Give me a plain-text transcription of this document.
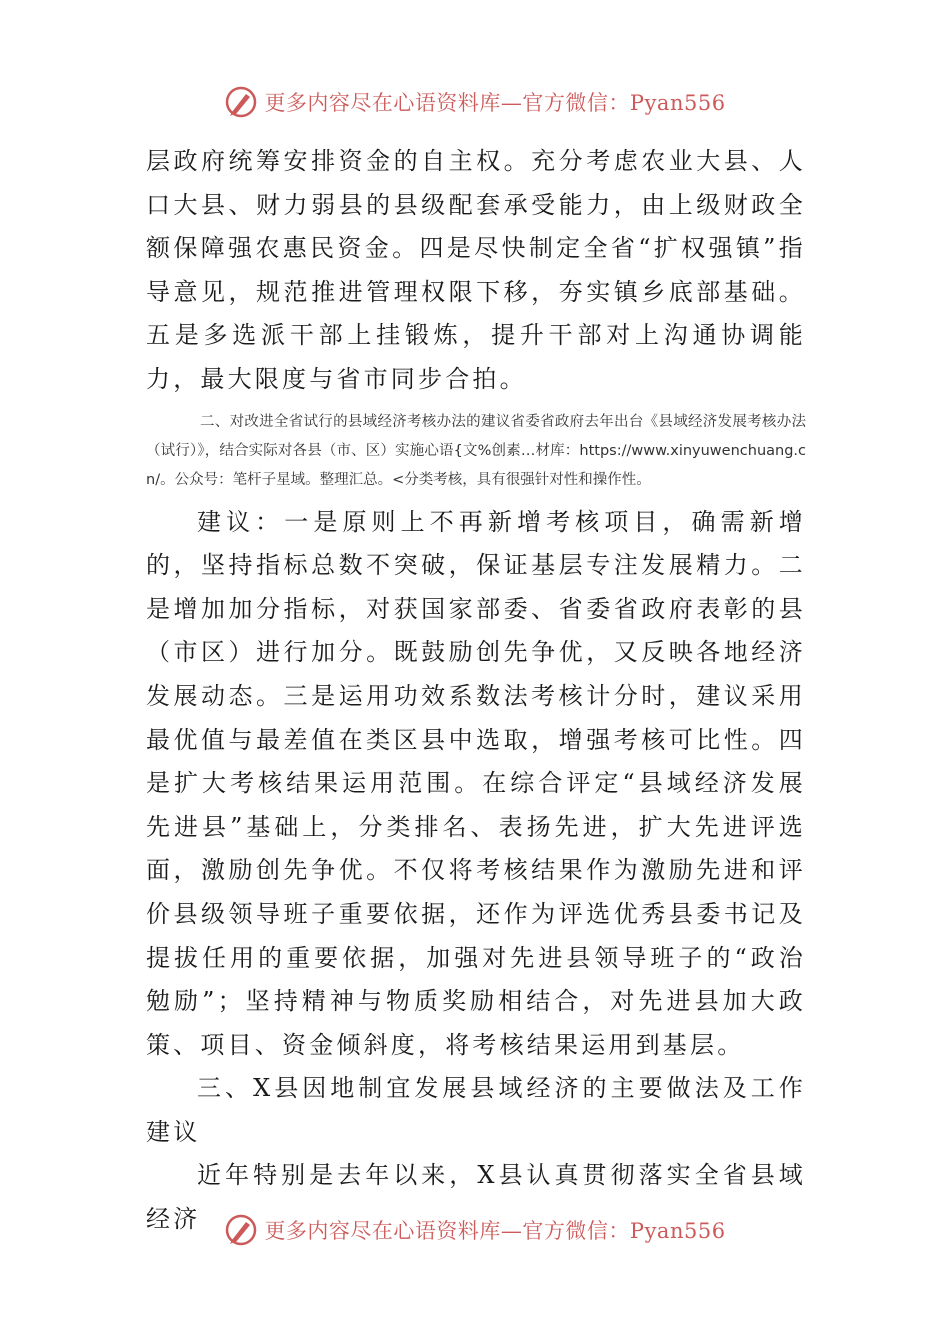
更多内容尽在心语资料库—官方微信：Pyan556

层政府统筹安排资金的自主权。充分考虑农业大县、人口大县、财力弱县的县级配套承受能力，由上级财政全额保障强农惠民资金。四是尽快制定全省“扩权强镇”指导意见，规范推进管理权限下移，夯实镇乡底部基础。五是多选派干部上挂锻炼，提升干部对上沟通协调能力，最大限度与省市同步合拍。

二、对改进全省试行的县域经济考核办法的建议省委省政府去年出台《县域经济发展考核办法（试行）》，结合实际对各县（市、区）实施心语{文%创素…材库：https://www.xinyuwenchuang.cn/。公众号：笔杆子星域。整理汇总。<分类考核，具有很强针对性和操作性。

建议：一是原则上不再新增考核项目，确需新增的，坚持指标总数不突破，保证基层专注发展精力。二是增加加分指标，对获国家部委、省委省政府表彰的县（市区）进行加分。既鼓励创先争优，又反映各地经济发展动态。三是运用功效系数法考核计分时，建议采用最优值与最差值在类区县中选取，增强考核可比性。四是扩大考核结果运用范围。在综合评定“县域经济发展先进县”基础上，分类排名、表扬先进，扩大先进评选面，激励创先争优。不仅将考核结果作为激励先进和评价县级领导班子重要依据，还作为评选优秀县委书记及提拔任用的重要依据，加强对先进县领导班子的“政治勉励”；坚持精神与物质奖励相结合，对先进县加大政策、项目、资金倾斜度，将考核结果运用到基层。

三、X县因地制宜发展县域经济的主要做法及工作建议

近年特别是去年以来，X县认真贯彻落实全省县域经济	更多内容尽在心语资料库—官方微信：Pyan556
